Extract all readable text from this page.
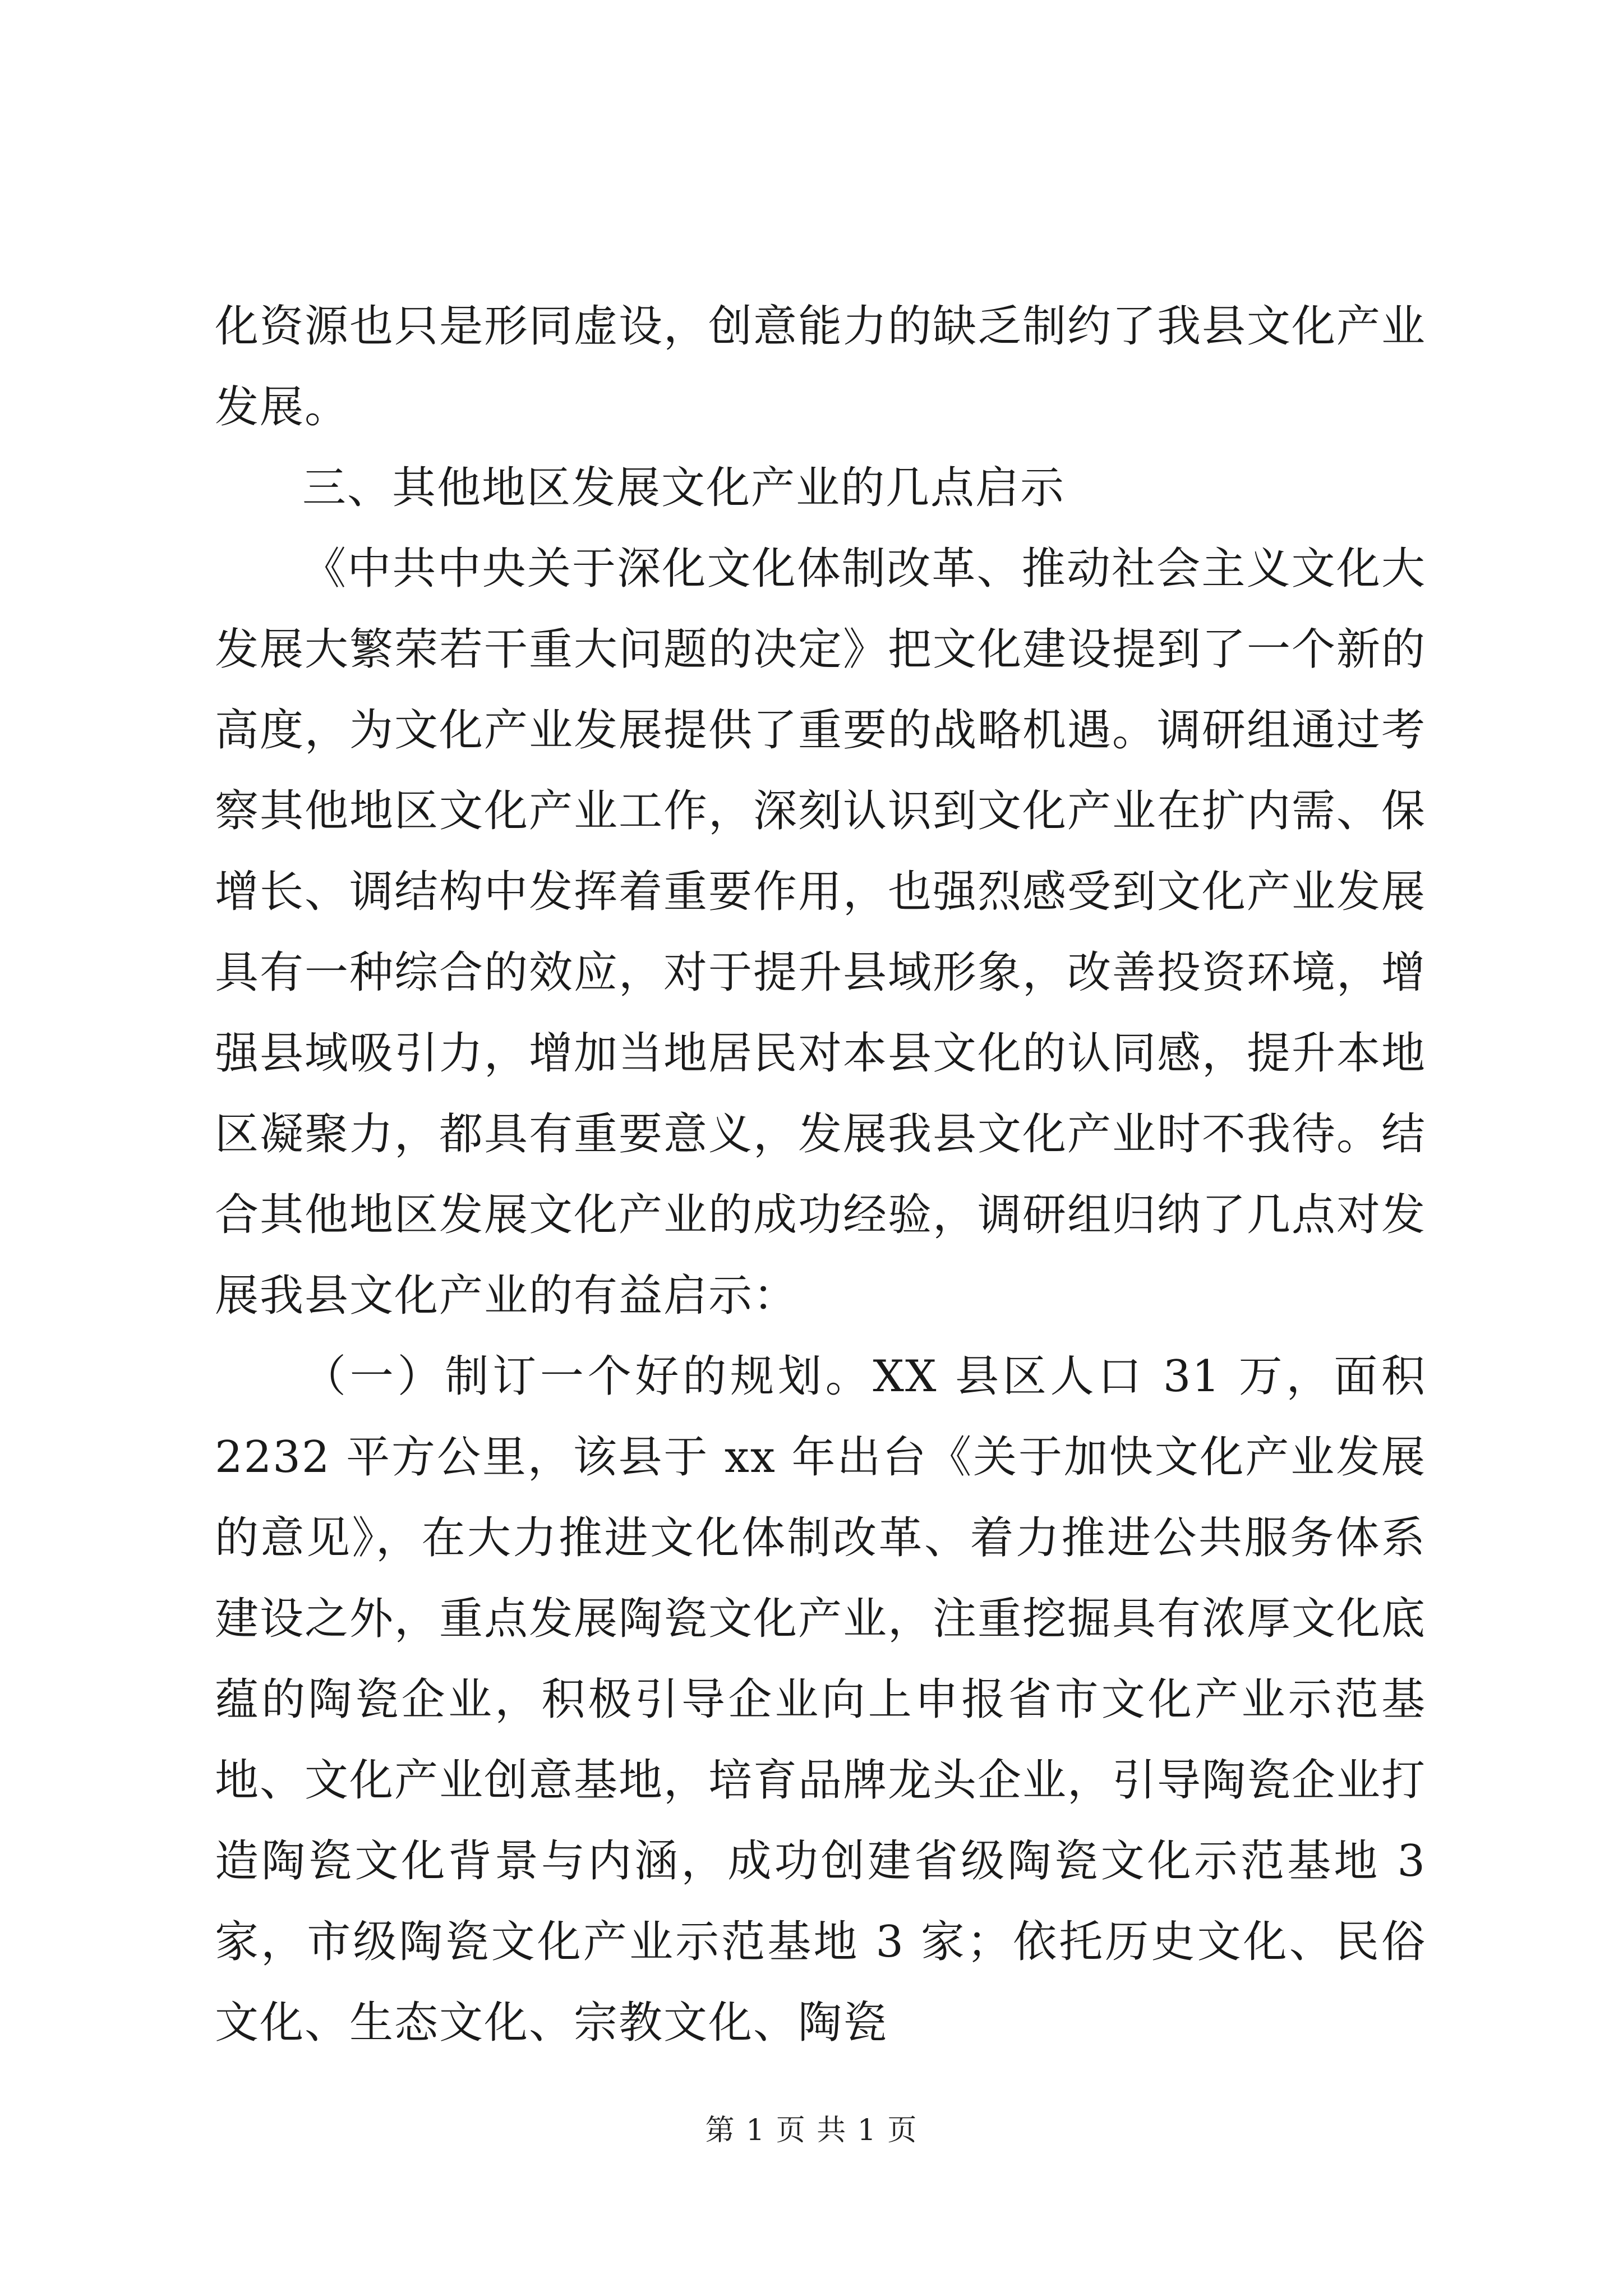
化资源也只是形同虚设，创意能力的缺乏制约了我县文化产业发展。

三、其他地区发展文化产业的几点启示

《中共中央关于深化文化体制改革、推动社会主义文化大发展大繁荣若干重大问题的决定》把文化建设提到了一个新的高度，为文化产业发展提供了重要的战略机遇。调研组通过考察其他地区文化产业工作，深刻认识到文化产业在扩内需、保增长、调结构中发挥着重要作用，也强烈感受到文化产业发展具有一种综合的效应，对于提升县域形象，改善投资环境，增强县域吸引力，增加当地居民对本县文化的认同感，提升本地区凝聚力，都具有重要意义，发展我县文化产业时不我待。结合其他地区发展文化产业的成功经验，调研组归纳了几点对发展我县文化产业的有益启示：

（一）制订一个好的规划。XX 县区人口 31 万，面积 2232 平方公里，该县于 xx 年出台《关于加快文化产业发展的意见》，在大力推进文化体制改革、着力推进公共服务体系建设之外，重点发展陶瓷文化产业，注重挖掘具有浓厚文化底蕴的陶瓷企业，积极引导企业向上申报省市文化产业示范基地、文化产业创意基地，培育品牌龙头企业，引导陶瓷企业打造陶瓷文化背景与内涵，成功创建省级陶瓷文化示范基地 3 家，市级陶瓷文化产业示范基地 3 家；依托历史文化、民俗文化、生态文化、宗教文化、陶瓷

第 1 页 共 1 页
